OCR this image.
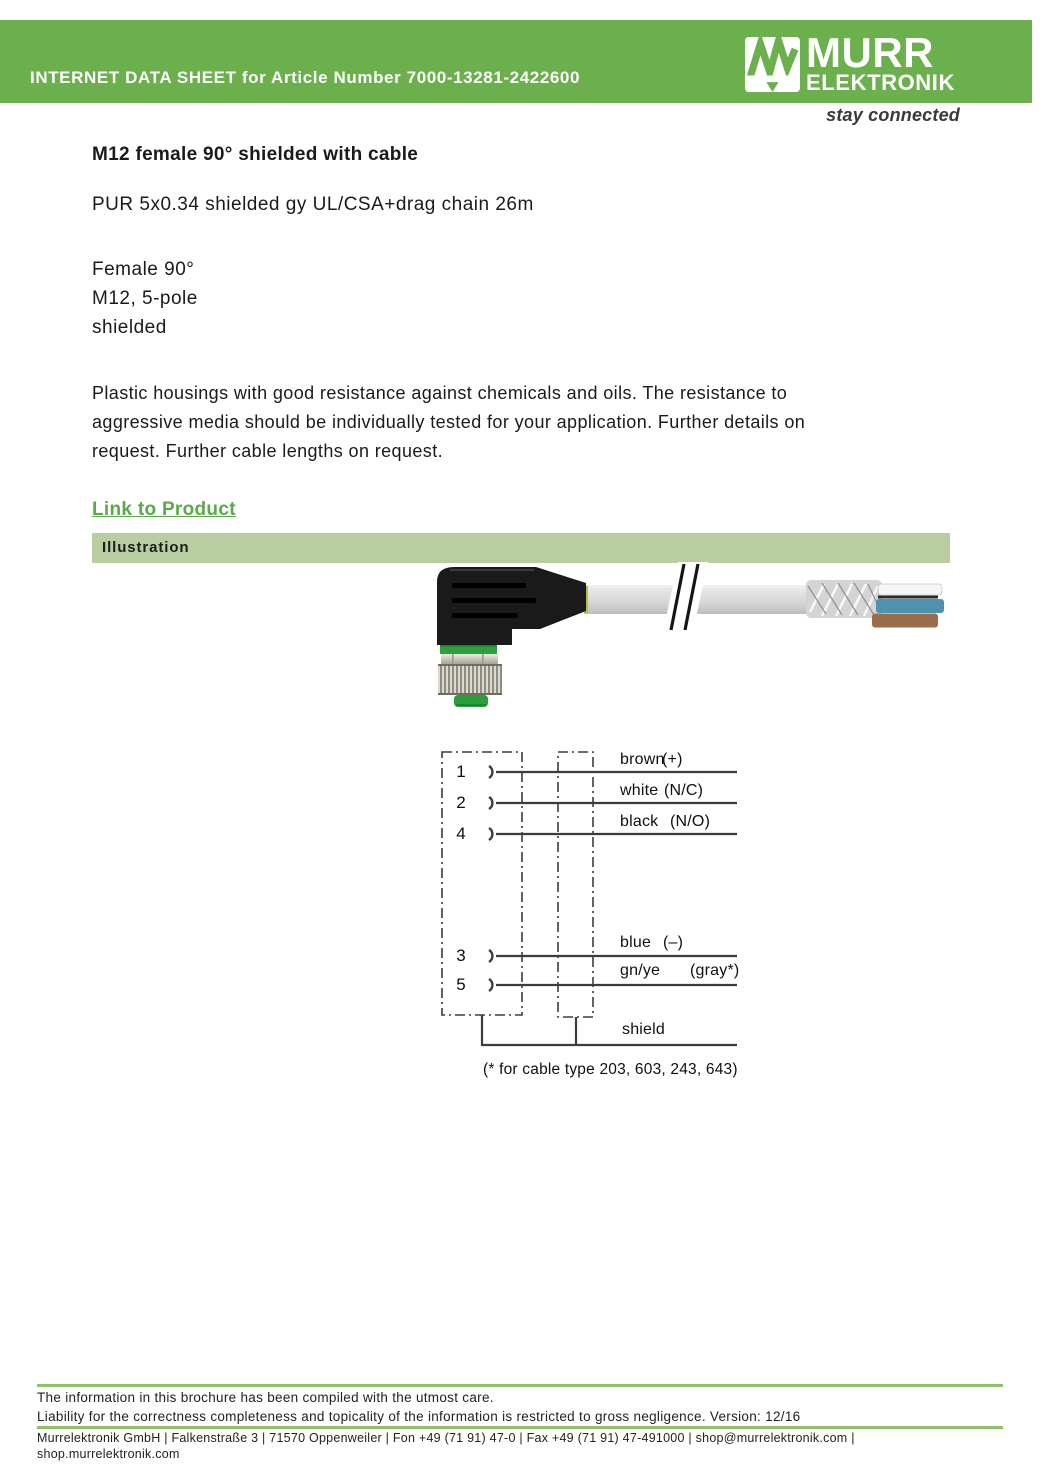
INTERNET DATA SHEET for Article Number 7000-13281-2422600
MURR
ELEKTRONIK
stay connected
M12 female 90° shielded with cable
PUR 5x0.34 shielded gy UL/CSA+drag chain 26m
Female 90°
M12, 5-pole
shielded
Plastic housings with good resistance against chemicals and oils. The resistance to
aggressive media should be individually tested for your application. Further details on
request. Further cable lengths on request.
Link to Product
Illustration
1
2
4
3
5
brown
white
black
blue
gn/ye
(+)
(N/C)
(N/O)
(–)
(gray*)
shield
(* for cable type 203, 603, 243, 643)
The information in this brochure has been compiled with the utmost care.
Liability for the correctness completeness and topicality of the information is restricted to gross negligence. Version: 12/16
Murrelektronik GmbH | Falkenstraße 3 | 71570 Oppenweiler | Fon +49 (71 91) 47-0 | Fax +49 (71 91) 47-491000 | shop@murrelektronik.com |
shop.murrelektronik.com
